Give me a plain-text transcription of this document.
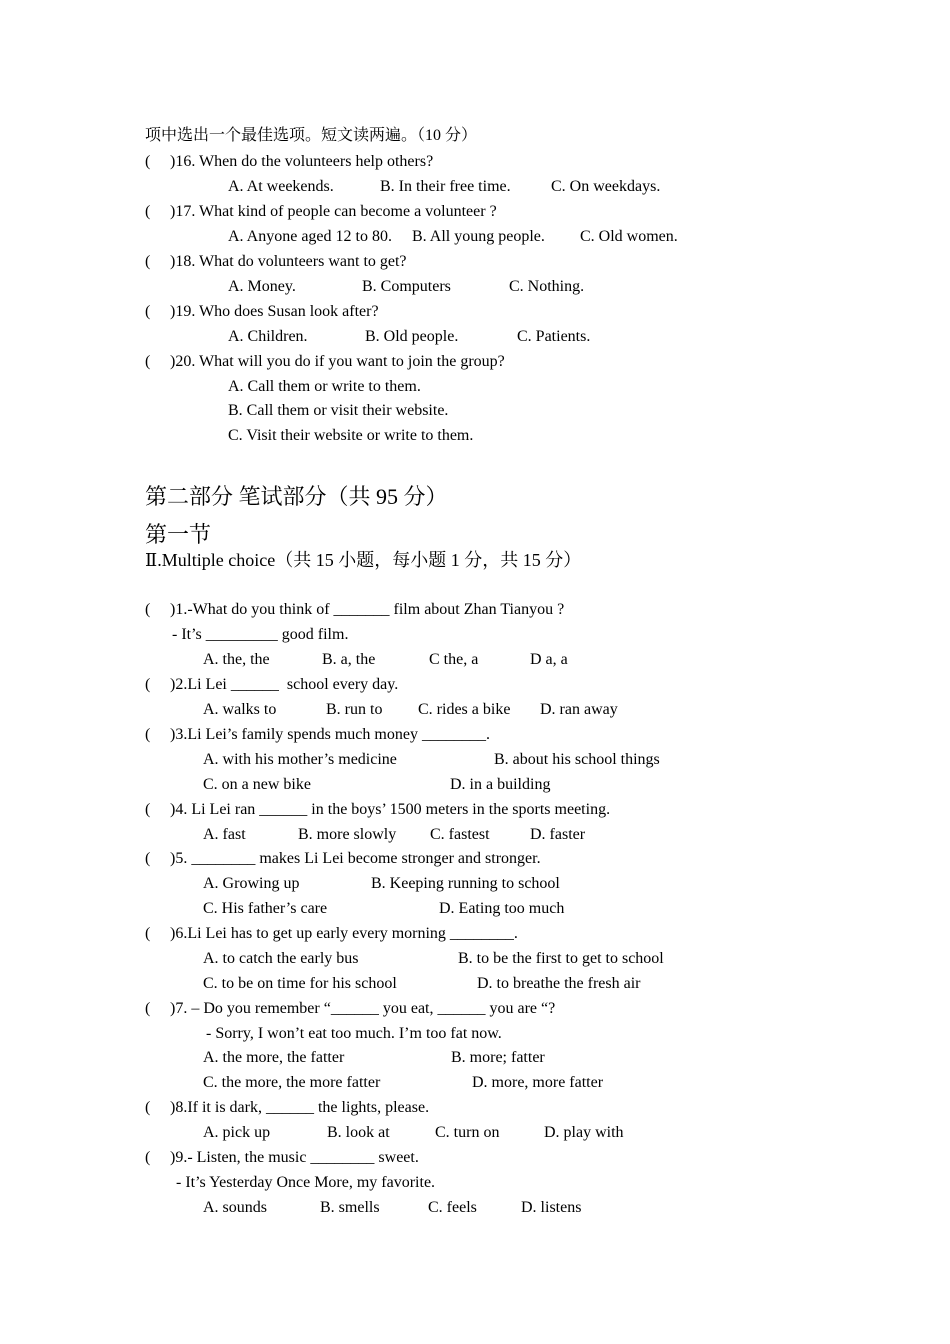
项中选出一个最佳选项。短文读两遍。（10 分）
( )16. When do the volunteers help others?
A. At weekends.	B. In their free time.	C. On weekdays.
( )17. What kind of people can become a volunteer ?
A. Anyone aged 12 to 80. B. All young people. C. Old women.
( )18. What do volunteers want to get?
A. Money.	B. Computers	C. Nothing.
( )19. Who does Susan look after?
A. Children.	B. Old people.	C. Patients.
( )20. What will you do if you want to join the group?
A. Call them or write to them.
B. Call them or visit their website.
C. Visit their website or write to them.
第二部分 笔试部分（共 95 分）
第一节
Ⅱ.Multiple choice（共 15 小题，每小题 1 分，共 15 分）
( )1.-What do you think of _______ film about Zhan Tianyou ?
- It’s _________ good film.
A. the, the	B. a, the	C the, a	D a, a
( )2.Li Lei ______  school every day.
A. walks to	B. run to C. rides a bike D. ran away
( )3.Li Lei’s family spends much money ________.
A. with his mother’s medicine	B. about his school things
C. on a new bike	D. in a building
( )4. Li Lei ran ______ in the boys’ 1500 meters in the sports meeting.
A. fast	B. more slowly C. fastest	D. faster
( )5. ________ makes Li Lei become stronger and stronger.
A. Growing up	B. Keeping running to school
C. His father’s care	D. Eating too much
( )6.Li Lei has to get up early every morning ________.
A. to catch the early bus	B. to be the first to get to school
C. to be on time for his school	D. to breathe the fresh air
( )7. – Do you remember “______ you eat, ______ you are “?
- Sorry, I won’t eat too much. I’m too fat now.
A. the more, the fatter	B. more; fatter
C. the more, the more fatter	D. more, more fatter
( )8.If it is dark, ______ the lights, please.
A. pick up	B. look at	C. turn on	D. play with
( )9.- Listen, the music ________ sweet.
- It’s Yesterday Once More, my favorite.
A. sounds	B. smells	C. feels	D. listens
